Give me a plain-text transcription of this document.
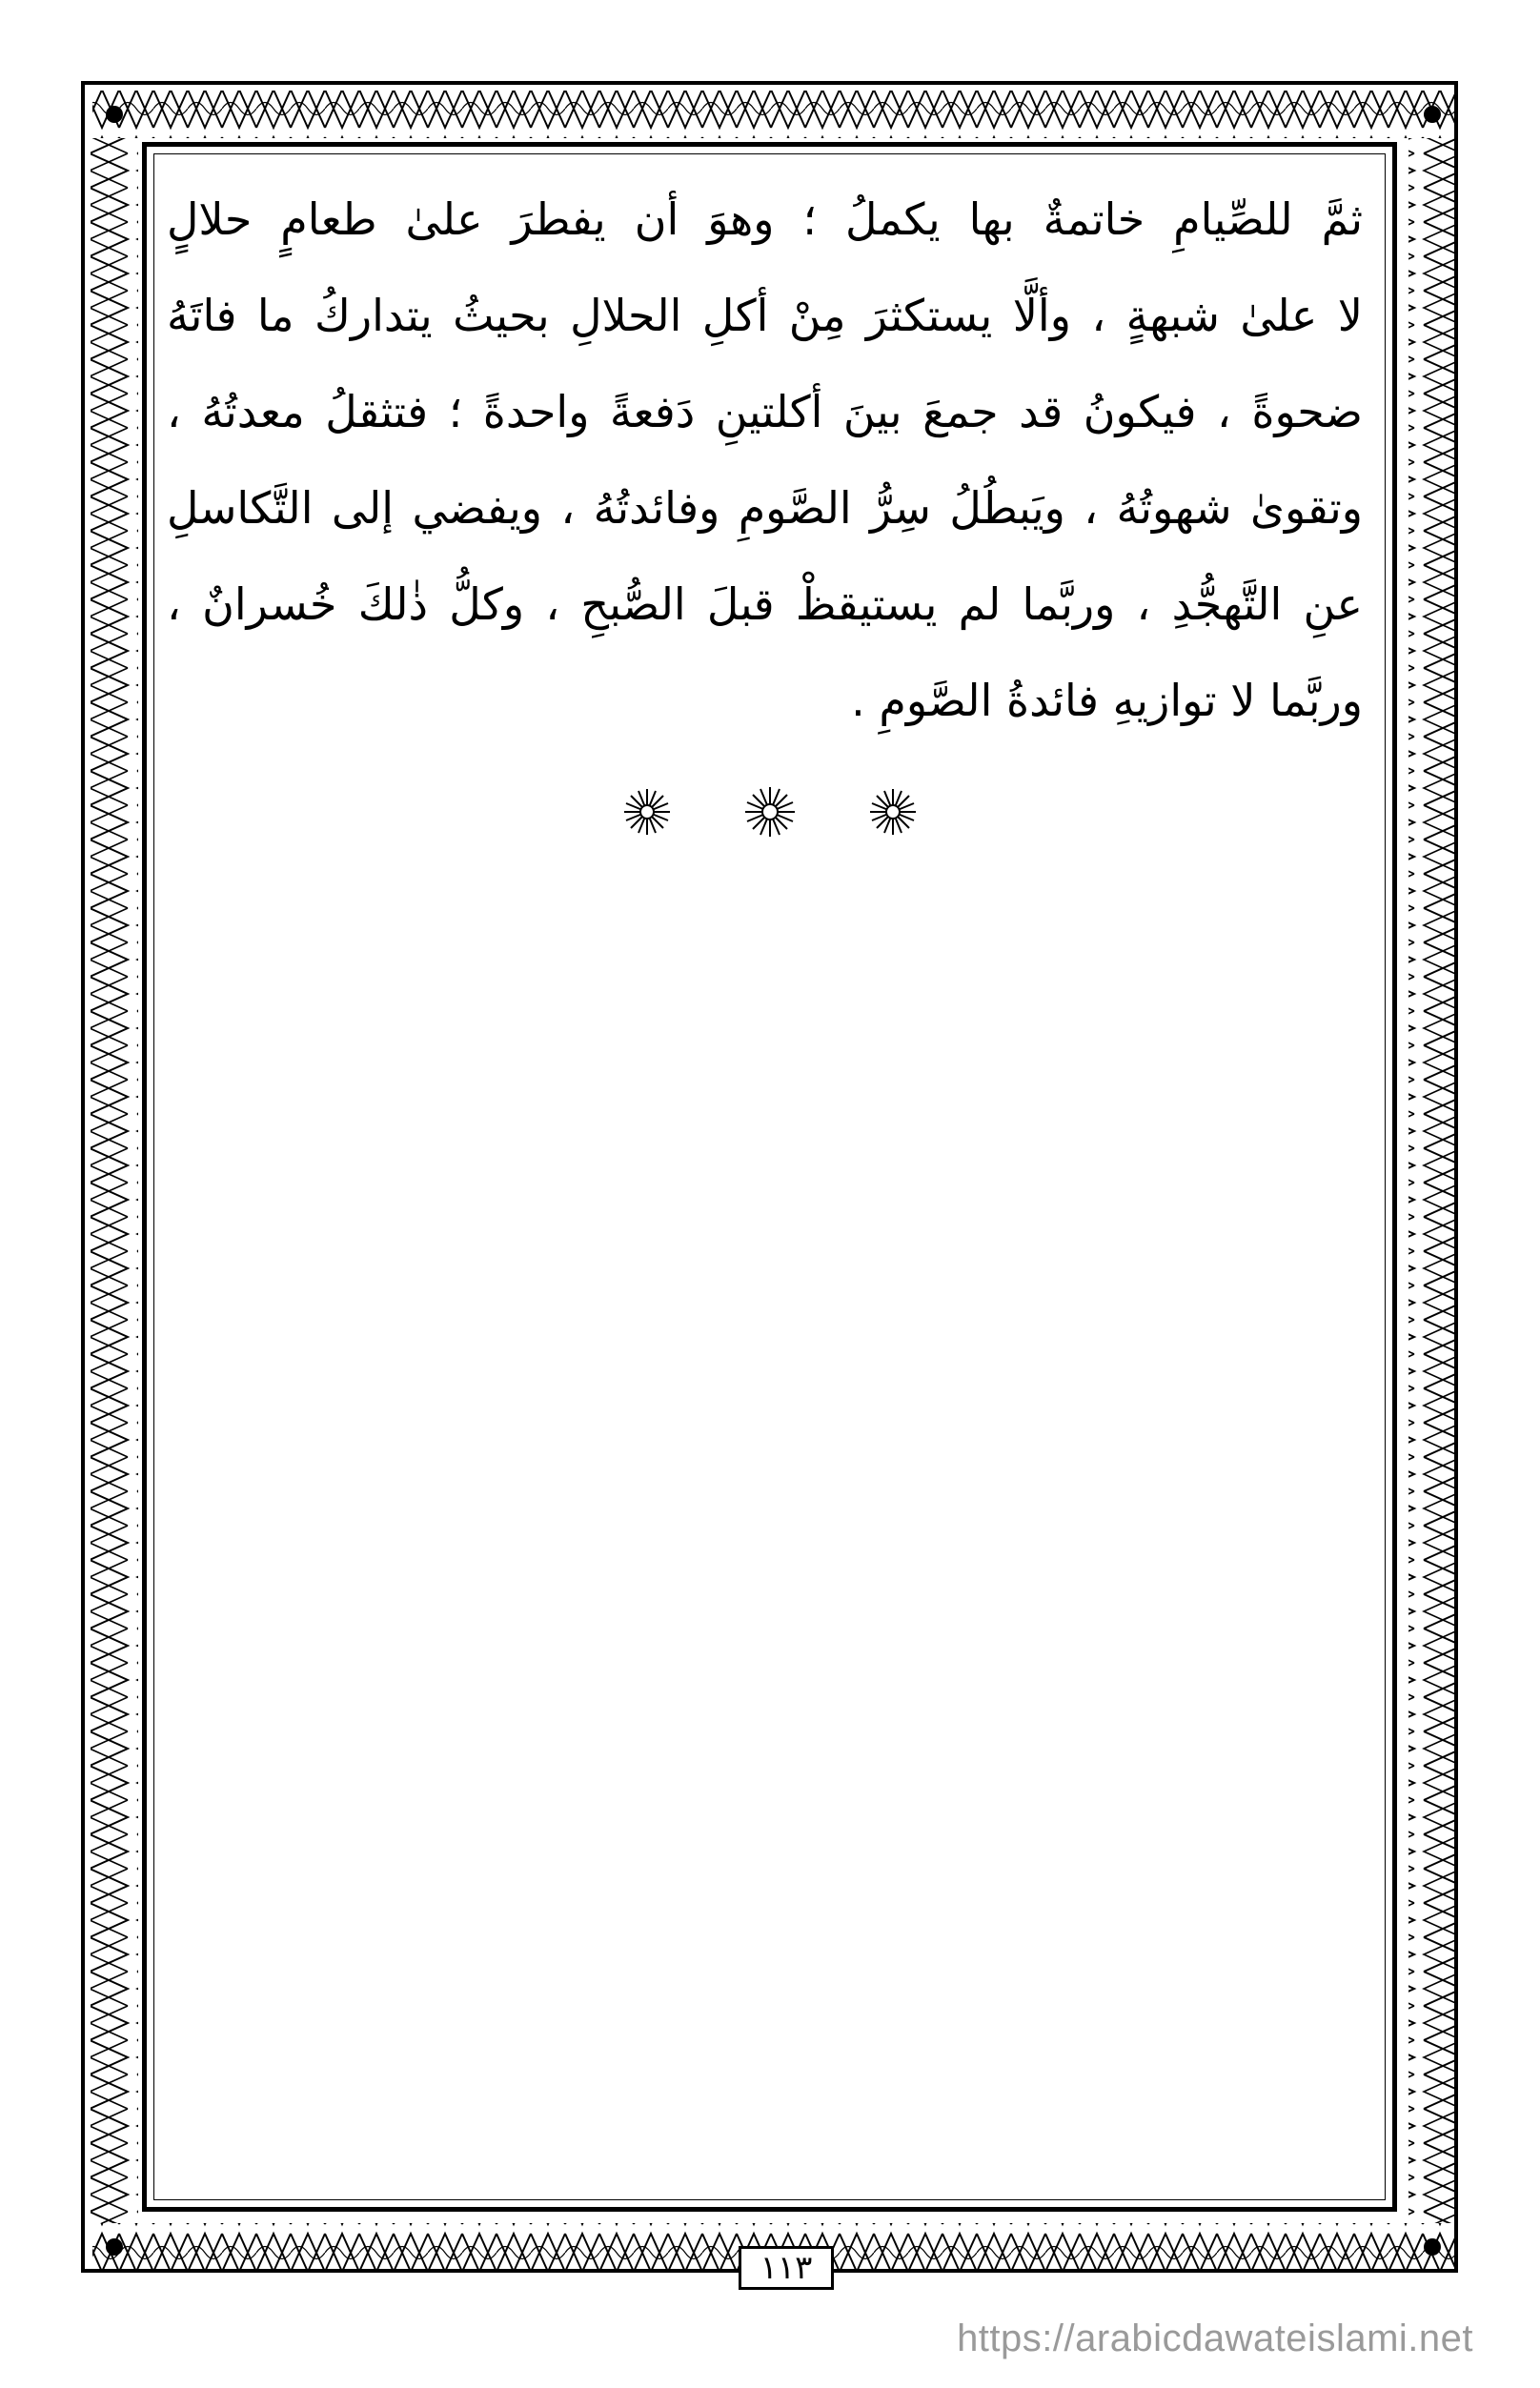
ثمَّ للصِّيامِ خاتمةٌ بها يكملُ ؛ وهوَ أن يفطرَ علىٰ طعامٍ حلالٍ
لا علىٰ شبهةٍ ، وألَّا يستكثرَ مِنْ أكلِ الحلالِ بحيثُ يتداركُ ما فاتَهُ
ضحوةً ، فيكونُ قد جمعَ بينَ أكلتينِ دَفعةً واحدةً ؛ فتثقلُ معدتُهُ ،
وتقوىٰ شهوتُهُ ، ويَبطُلُ سِرُّ الصَّومِ وفائدتُهُ ، ويفضي إلى التَّكاسلِ
عنِ التَّهجُّدِ ، وربَّما لم يستيقظْ قبلَ الصُّبحِ ، وكلُّ ذٰلكَ خُسرانٌ ،
وربَّما لا توازيهِ فائدةُ الصَّومِ .

١١٣
https://arabicdawateislami.net
